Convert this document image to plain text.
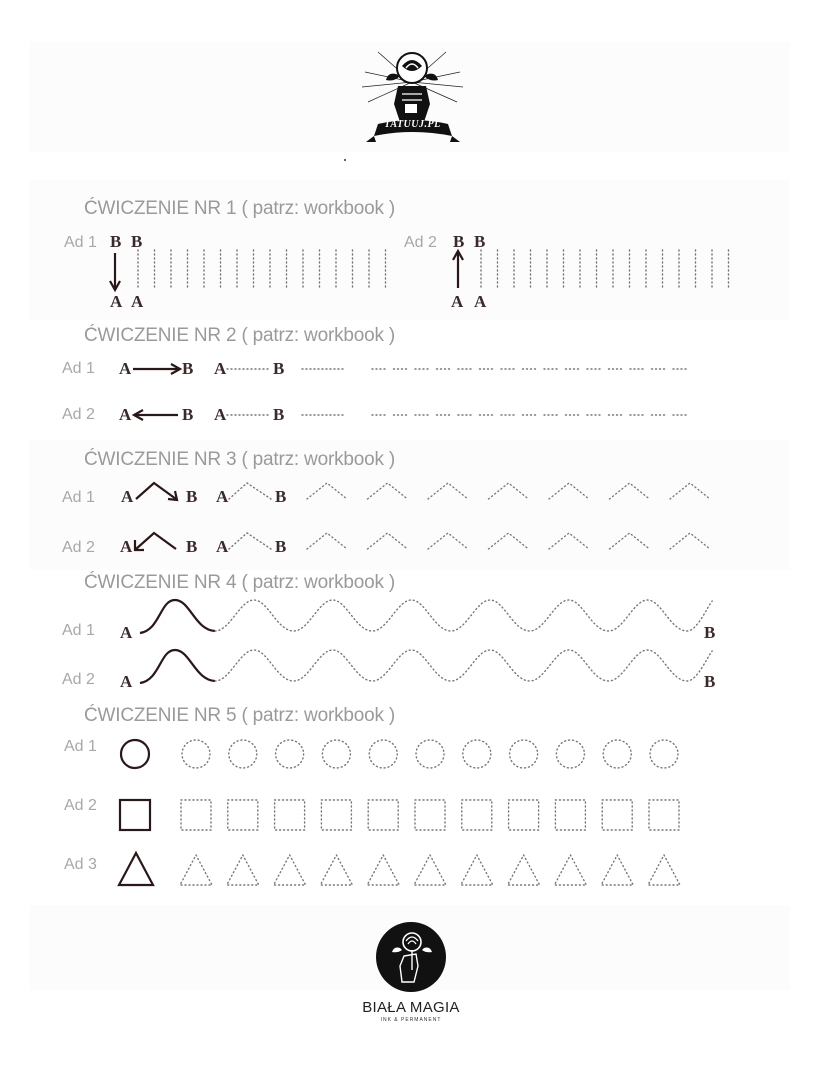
TATUUJ.PL
ĆWICZENIE NR 1 ( patrz: workbook )
Ad 1	Ad 2
B B
A A
B B
A A
ĆWICZENIE NR 2 ( patrz: workbook )
Ad 1
Ad 2
A	B A	B
A	B A	B
ĆWICZENIE NR 3 ( patrz: workbook )
Ad 1
Ad 2
A	B A	B
A	B A	B
ĆWICZENIE NR 4 ( patrz: workbook )
Ad 1
Ad 2
A	B
A	B
ĆWICZENIE NR 5 ( patrz: workbook )
Ad 1
Ad 2
Ad 3
BIAŁA MAGIA
INK & PERMANENT
